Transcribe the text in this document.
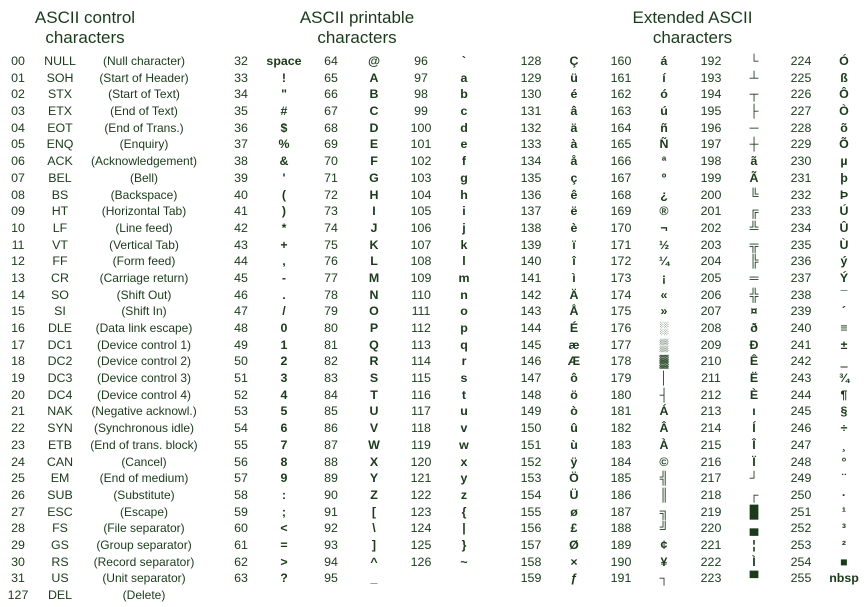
ASCII control
characters
ASCII printable
characters
Extended ASCII
characters
00
01
02
03
04
05
06
07
08
09
10
11
12
13
14
15
16
17
18
19
20
21
22
23
24
25
26
27
28
29
30
31
127
NULL
SOH
STX
ETX
EOT
ENQ
ACK
BEL
BS
HT
LF
VT
FF
CR
SO
SI
DLE
DC1
DC2
DC3
DC4
NAK
SYN
ETB
CAN
EM
SUB
ESC
FS
GS
RS
US
DEL
(Null character)
(Start of Header)
(Start of Text)
(End of Text)
(End of Trans.)
(Enquiry)
(Acknowledgement)
(Bell)
(Backspace)
(Horizontal Tab)
(Line feed)
(Vertical Tab)
(Form feed)
(Carriage return)
(Shift Out)
(Shift In)
(Data link escape)
(Device control 1)
(Device control 2)
(Device control 3)
(Device control 4)
(Negative acknowl.)
(Synchronous idle)
(End of trans. block)
(Cancel)
(End of medium)
(Substitute)
(Escape)
(File separator)
(Group separator)
(Record separator)
(Unit separator)
(Delete)
32
33
34
35
36
37
38
39
40
41
42
43
44
45
46
47
48
49
50
51
52
53
54
55
56
57
58
59
60
61
62
63
space
!
"
#
$
%
&
'
(
)
*
+
,
-
.
/
0
1
2
3
4
5
6
7
8
9
:
;
<
=
>
?
64
65
66
67
68
69
70
71
72
73
74
75
76
77
78
79
80
81
82
83
84
85
86
87
88
89
90
91
92
93
94
95
@
A
B
C
D
E
F
G
H
I
J
K
L
M
N
O
P
Q
R
S
T
U
V
W
X
Y
Z
[
\
]
^
_
96
97
98
99
100
101
102
103
104
105
106
107
108
109
110
111
112
113
114
115
116
117
118
119
120
121
122
123
124
125
126
`
a
b
c
d
e
f
g
h
i
j
k
l
m
n
o
p
q
r
s
t
u
v
w
x
y
z
{
|
}
~
128
129
130
131
132
133
134
135
136
137
138
139
140
141
142
143
144
145
146
147
148
149
150
151
152
153
154
155
156
157
158
159
Ç
ü
é
â
ä
à
å
ç
ê
ë
è
ï
î
ì
Ä
Å
É
æ
Æ
ô
ö
ò
û
ù
ÿ
Ö
Ü
ø
£
Ø
×
ƒ
160
161
162
163
164
165
166
167
168
169
170
171
172
173
174
175
176
177
178
179
180
181
182
183
184
185
186
187
188
189
190
191
á
í
ó
ú
ñ
Ñ
ª
º
¿
®
¬
½
¼
¡
«
»
░
▒
▓
│
┤
Á
Â
À
©
╣
║
╗
╝
¢
¥
┐
192
193
194
195
196
197
198
199
200
201
202
203
204
205
206
207
208
209
210
211
212
213
214
215
216
217
218
219
220
221
222
223
└
┴
┬
├
─
┼
ã
Ã
╚
╔
╩
╦
╠
═
╬
¤
ð
Ð
Ê
Ë
È
ı
Í
Î
Ï
┘
┌
█
▄
¦
Ì
▀
224
225
226
227
228
229
230
231
232
233
234
235
236
237
238
239
240
241
242
243
244
245
246
247
248
249
250
251
252
253
254
255
Ó
ß
Ô
Ò
õ
Õ
µ
þ
Þ
Ú
Û
Ù
ý
Ý
¯
´
≡
±
‗
¾
¶
§
÷
¸
°
¨
·
¹
³
²
■
nbsp
